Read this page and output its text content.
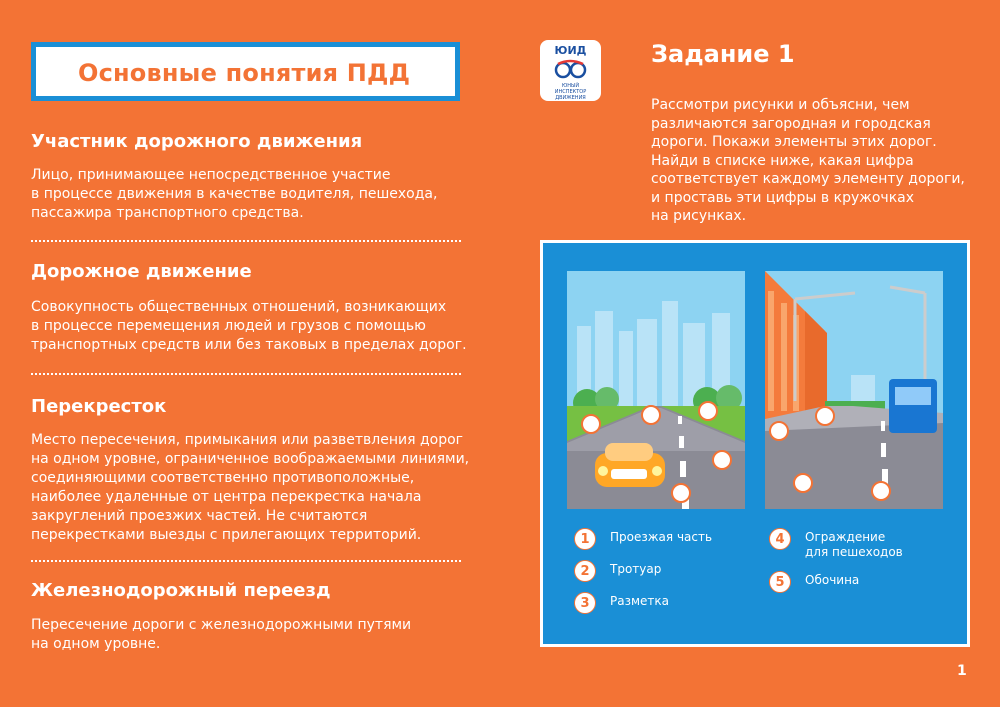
Основные понятия ПДД
Участник дорожного движения

Лицо, принимающее непосредственное участие
в процессе движения в качестве водителя, пешехода,
пассажира транспортного средства.

Дорожное движение

Совокупность общественных отношений, возникающих
в процессе перемещения людей и грузов с помощью
транспортных средств или без таковых в пределах дорог.

Перекресток

Место пересечения, примыкания или разветвления дорог
на одном уровне, ограниченное воображаемыми линиями,
соединяющими соответственно противоположные,
наиболее удаленные от центра перекрестка начала
закруглений проезжих частей. Не считаются
перекрестками выезды с прилегающих территорий.

Железнодорожный переезд

Пересечение дороги с железнодорожными путями
на одном уровне.

ЮИД
ЮНЫЙ
ИНСПЕКТОР
ДВИЖЕНИЯ
Задание 1

Рассмотри рисунки и объясни, чем
различаются загородная и городская
дороги. Покажи элементы этих дорог.
Найди в списке ниже, какая цифра
соответствует каждому элементу дороги,
и проставь эти цифры в кружочках
на рисунках.

1	Проезжая часть
2	Тротуар
3	Разметка
4	Ограждение
для пешеходов
5	Обочина
1
